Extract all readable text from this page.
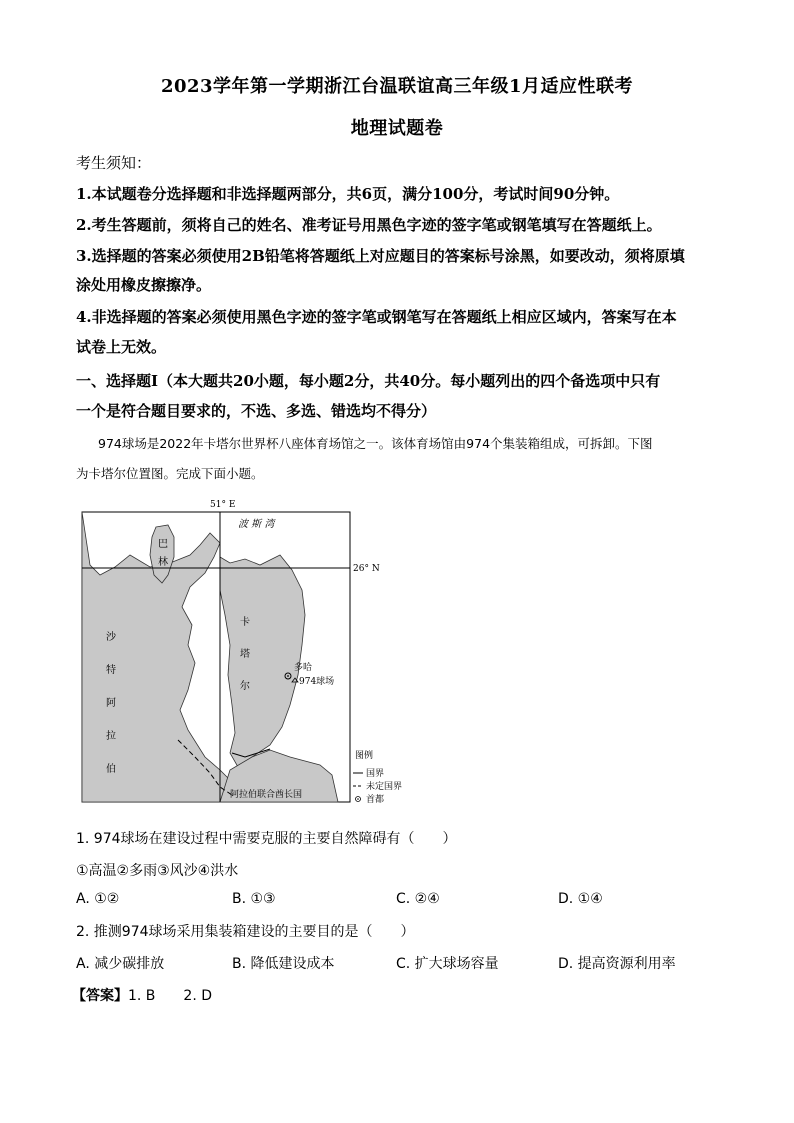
2023学年第一学期浙江台温联谊高三年级1月适应性联考
地理试题卷
考生须知：
1.本试题卷分选择题和非选择题两部分，共6页，满分100分，考试时间90分钟。
2.考生答题前，须将自己的姓名、准考证号用黑色字迹的签字笔或钢笔填写在答题纸上。
3.选择题的答案必须使用2B铅笔将答题纸上对应题目的答案标号涂黑，如要改动，须将原填
涂处用橡皮擦擦净。
4.非选择题的答案必须使用黑色字迹的签字笔或钢笔写在答题纸上相应区域内，答案写在本
试卷上无效。
一、选择题Ⅰ（本大题共20小题，每小题2分，共40分。每小题列出的四个备选项中只有
一个是符合题目要求的，不选、多选、错选均不得分）
974球场是2022年卡塔尔世界杯八座体育场馆之一。该体育场馆由974个集装箱组成，可拆卸。下图
为卡塔尔位置图。完成下面小题。
51° E
26° N
波 斯 湾
巴
林
卡
塔
尔
沙
特
阿
拉
伯
阿拉伯联合酋长国
多哈
974球场
图例
国界
未定国界
首都
1. 974球场在建设过程中需要克服的主要自然障碍有（　　）
①高温②多雨③风沙④洪水
A. ①②	B. ①③	C. ②④	D. ①④
2. 推测974球场采用集装箱建设的主要目的是（　　）
A. 减少碳排放	B. 降低建设成本	C. 扩大球场容量	D. 提高资源利用率
【答案】1. B　　2. D
